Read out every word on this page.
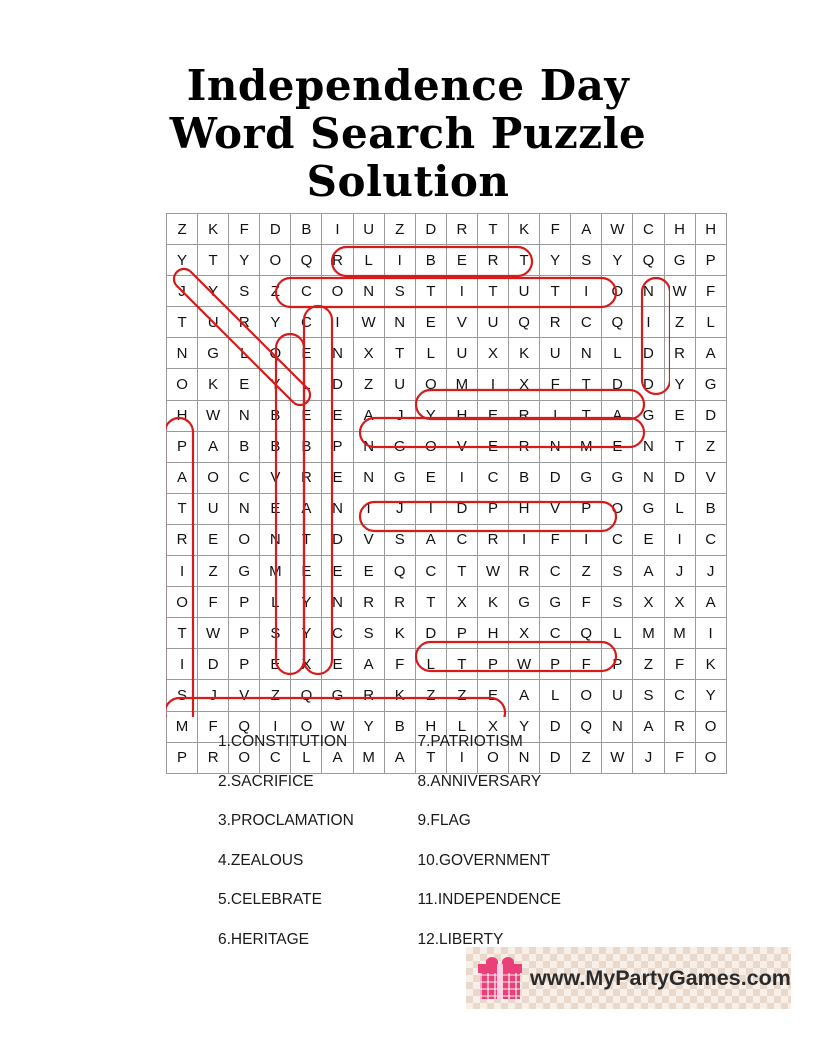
Independence Day
Word Search Puzzle
Solution
Z	K	F	D	B	I	U	Z	D	R	T	K	F	A	W	C	H	H
Y	T	Y	O	Q	R	L	I	B	E	R	T	Y	S	Y	Q	G	P
J	Y	S	Z	C	O	N	S	T	I	T	U	T	I	O	N	W	F
T	U	R	Y	C	I	W	N	E	V	U	Q	R	C	Q	I	Z	L
N	G	L	Q	E	N	X	T	L	U	X	K	U	N	L	D	R	A
O	K	E	Y	L	D	Z	U	O	M	I	X	F	T	D	D	Y	G
H	W	N	B	E	E	A	J	Y	H	E	R	I	T	A	G	E	D
P	A	B	B	B	P	N	G	O	V	E	R	N	M	E	N	T	Z
A	O	C	V	R	E	N	G	E	I	C	B	D	G	G	N	D	V
T	U	N	E	A	N	I	J	I	D	P	H	V	P	O	G	L	B
R	E	O	N	T	D	V	S	A	C	R	I	F	I	C	E	I	C
I	Z	G	M	E	E	E	Q	C	T	W	R	C	Z	S	A	J	J
O	F	P	L	Y	N	R	R	T	X	K	G	G	F	S	X	X	A
T	W	P	S	Y	C	S	K	D	P	H	X	C	Q	L	M	M	I
I	D	P	E	X	E	A	F	L	T	P	W	P	F	P	Z	F	K
S	J	V	Z	Q	G	R	K	Z	Z	E	A	L	O	U	S	C	Y
M	F	Q	I	O	W	Y	B	H	L	X	Y	D	Q	N	A	R	O
P	R	O	C	L	A	M	A	T	I	O	N	D	Z	W	J	F	O
1.CONSTITUTION
2.SACRIFICE
3.PROCLAMATION
4.ZEALOUS
5.CELEBRATE
6.HERITAGE

7.PATRIOTISM
8.ANNIVERSARY
9.FLAG
10.GOVERNMENT
11.INDEPENDENCE
12.LIBERTY
www.MyPartyGames.com
